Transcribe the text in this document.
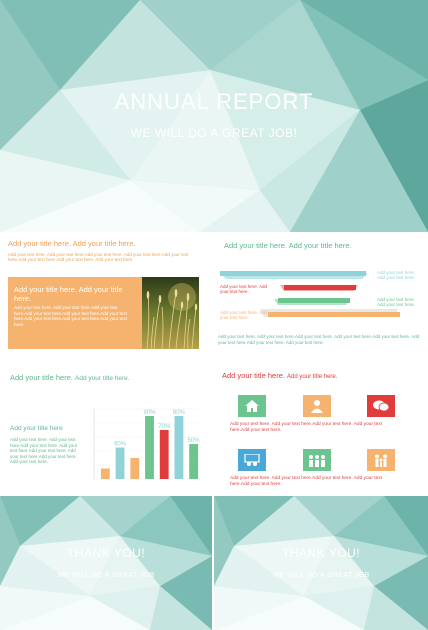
ANNUAL REPORT
WE WILL DO A GREAT JOB!
Add your title here. Add your title here.
Add your text here. Add your text here Add your text here. Add your text here.Add your text here.Add your text here.Add your text here. Add your text here.
Add your title here. Add your title here.
Add your text here. Add your text here.Add your text here.Add your text here.Add your text here.Add your text here.Add your text here.Add your text here.Add your text here.
Add your title here. Add your title here.
Add your text here. Add your text here.
Add your text here. Add your text here.
Add your text here. Add your text here.
Add your text here. Add your text here.
Add your text here. Add your text here.Add your text here. Add your text here.Add your text here. Add your text here.Add your text here. Add your text here.
Add your title here. Add your title here.
Add your title here
Add your text here. Add your text here.Add your text here. Add your text here.Add your text here. Add your text here.Add your text here. Add your text here.
60%
90%
70%
80%
50%
Add your title here. Add your title here.
Add your text here. Add your text here.Add your text here. Add your text here.Add your text here.
Add your text here. Add your text here.Add your text here. Add your text here.Add your text here.
THANK YOU!
WE WILL DO A GREAT JOB
THANK YOU!
WE WILL DO A GREAT JOB
